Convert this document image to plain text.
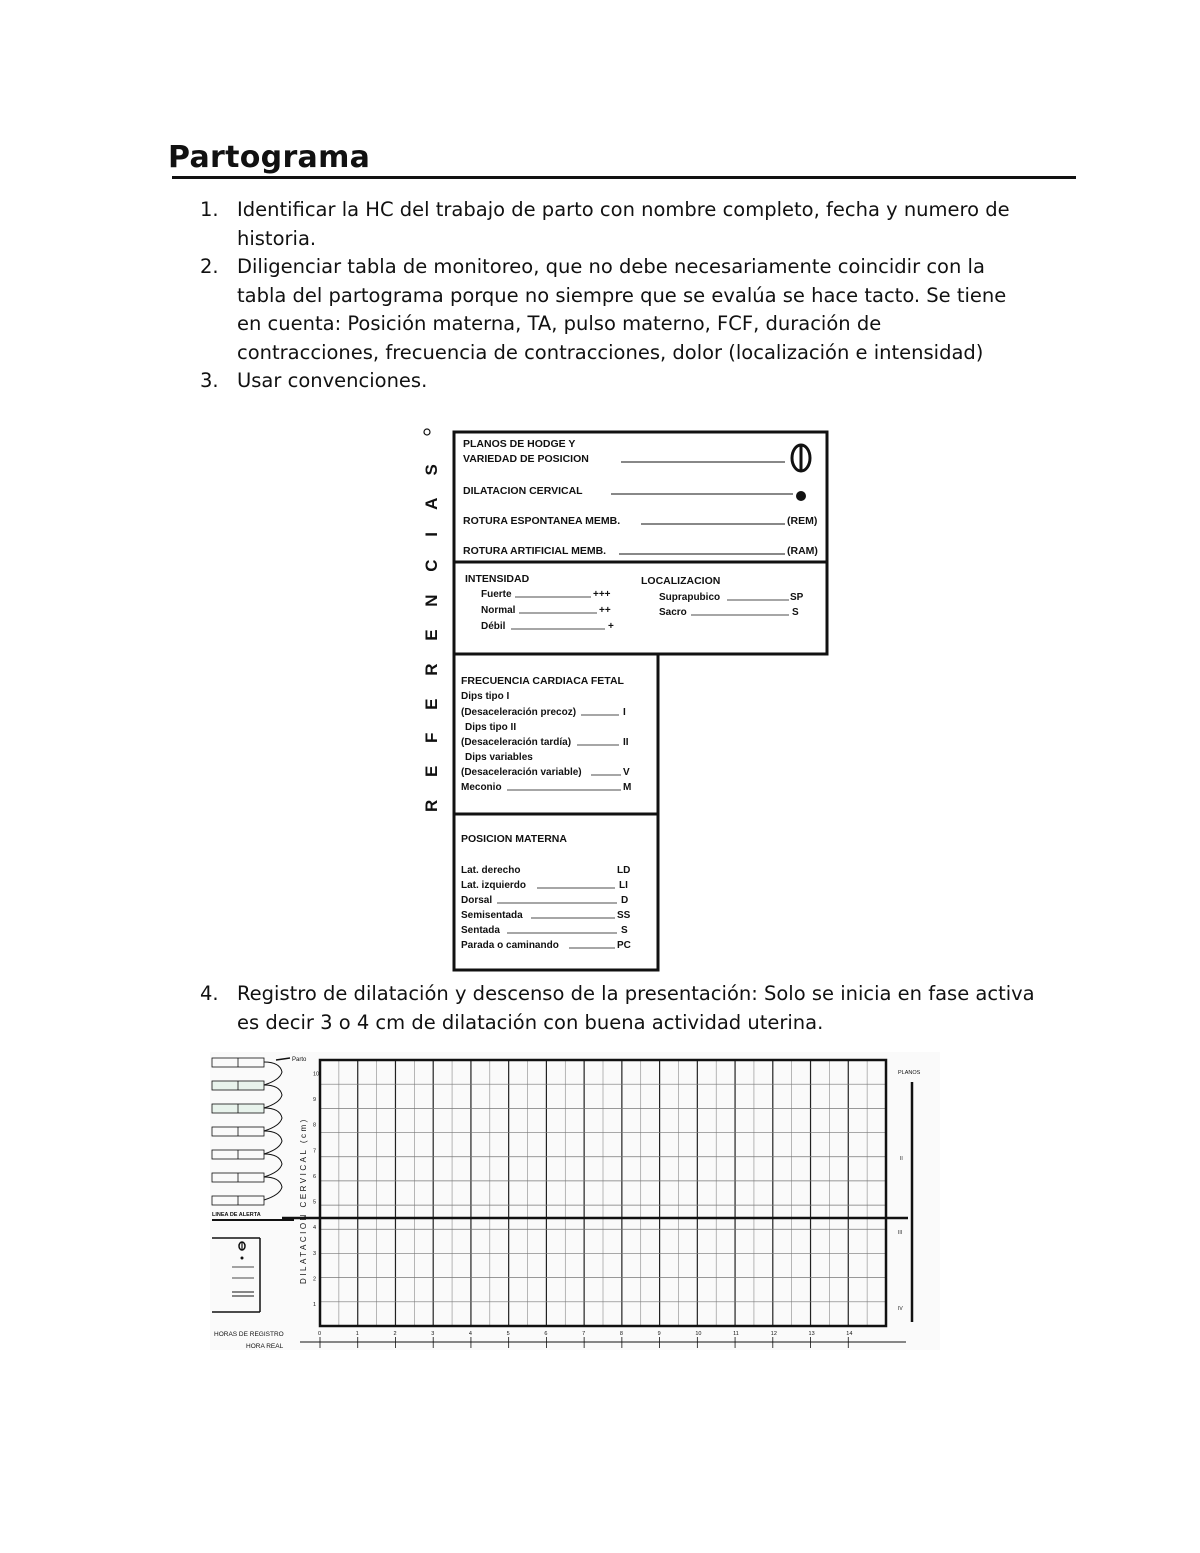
Partograma
1. Identificar la HC del trabajo de parto con nombre completo, fecha y numero de historia.
2. Diligenciar tabla de monitoreo, que no debe necesariamente coincidir con la tabla del partograma porque no siempre que se evalúa se hace tacto. Se tiene en cuenta: Posición materna, TA, pulso materno, FCF, duración de contracciones, frecuencia de contracciones, dolor (localización e intensidad)
3. Usar convenciones.
R E F E R E N C I A S
PLANOS DE HODGE Y
VARIEDAD DE POSICION
DILATACION CERVICAL
ROTURA ESPONTANEA MEMB.	(REM)
ROTURA ARTIFICIAL MEMB.	(RAM)
INTENSIDAD
Fuerte	+++
Normal	++
Débil	+
LOCALIZACION
Suprapubico	SP
Sacro	S
FRECUENCIA CARDIACA FETAL
Dips tipo I
(Desaceleración precoz)	I
Dips tipo II
(Desaceleración tardía)	II
Dips variables
(Desaceleración variable)	V
Meconio	M
POSICION MATERNA
Lat. derecho	LD
Lat. izquierdo	LI
Dorsal	D
Semisentada	SS
Sentada	S
Parada o caminando	PC
4. Registro de dilatación y descenso de la presentación: Solo se inicia en fase activa es decir 3 o 4 cm de dilatación con buena actividad uterina.
Parto
LINEA DE ALERTA	DILATACION CERVICAL (cm)
10
9
8
7
6
5
4
3
2
1
0	1	2	3	4	5	6	7	8	9	10	11	12	13	14
HORAS DE REGISTRO
HORA REAL
PLANOS
II
III
IV
